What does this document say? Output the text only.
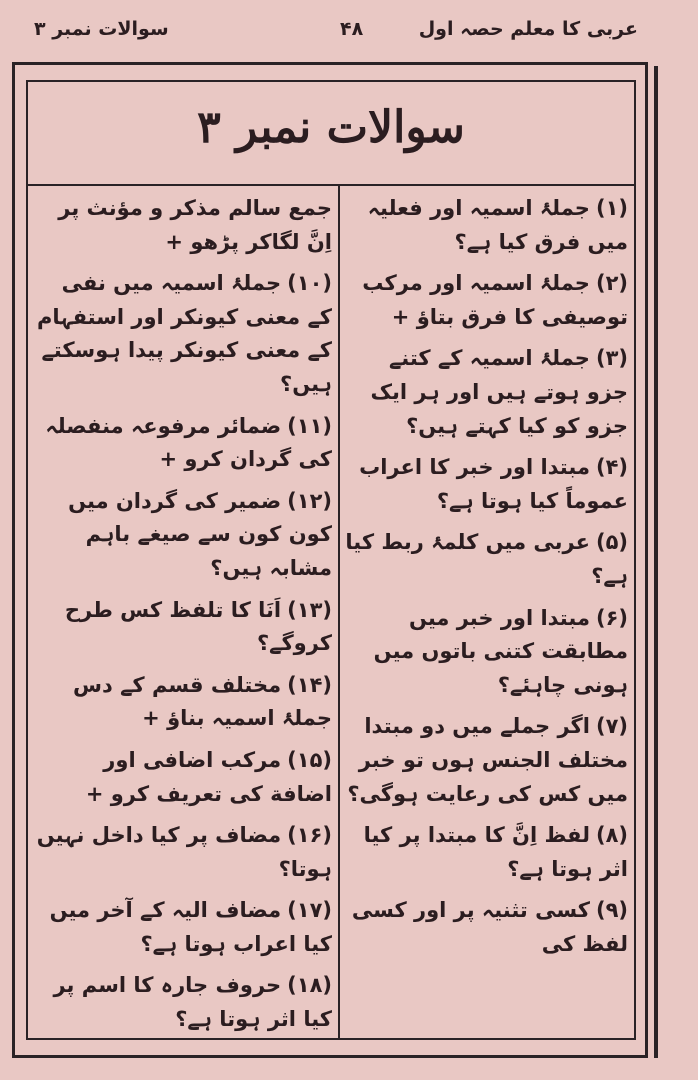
عربی کا معلم حصہ اول
۴۸
سوالات نمبر ۳
سوالات نمبر ۳
(۱)جملۂ اسمیہ اور فعلیہ میں فرق کیا ہے؟
(۲)جملۂ اسمیہ اور مرکب توصیفی کا فرق بتاؤ +
(۳)جملۂ اسمیہ کے کتنے جزو ہوتے ہیں اور ہر ایک جزو کو کیا کہتے ہیں؟
(۴)مبتدا اور خبر کا اعراب عموماً کیا ہوتا ہے؟
(۵)عربی میں کلمۂ ربط کیا ہے؟
(۶)مبتدا اور خبر میں مطابقت کتنی باتوں میں ہونی چاہئے؟
(۷)اگر جملے میں دو مبتدا مختلف الجنس ہوں تو خبر میں کس کی رعایت ہوگی؟
(۸)لفظ اِنَّ کا مبتدا پر کیا اثر ہوتا ہے؟
(۹)کسی تثنیہ پر اور کسی لفظ کی
جمع سالم مذکر و مؤنث پر اِنَّ لگاکر پڑھو +
(۱۰)جملۂ اسمیہ میں نفی کے معنی کیونکر اور استفہام کے معنی کیونکر پیدا ہوسکتے ہیں؟
(۱۱)ضمائر مرفوعہ منفصلہ کی گردان کرو +
(۱۲)ضمیر کی گردان میں کون کون سے صیغے باہم مشابہ ہیں؟
(۱۳)اَنَا کا تلفظ کس طرح کروگے؟
(۱۴)مختلف قسم کے دس جملۂ اسمیہ بناؤ +
(۱۵)مرکب اضافی اور اضافة کی تعریف کرو +
(۱۶)مضاف پر کیا داخل نہیں ہوتا؟
(۱۷)مضاف الیہ کے آخر میں کیا اعراب ہوتا ہے؟
(۱۸)حروف جارہ کا اسم پر کیا اثر ہوتا ہے؟
